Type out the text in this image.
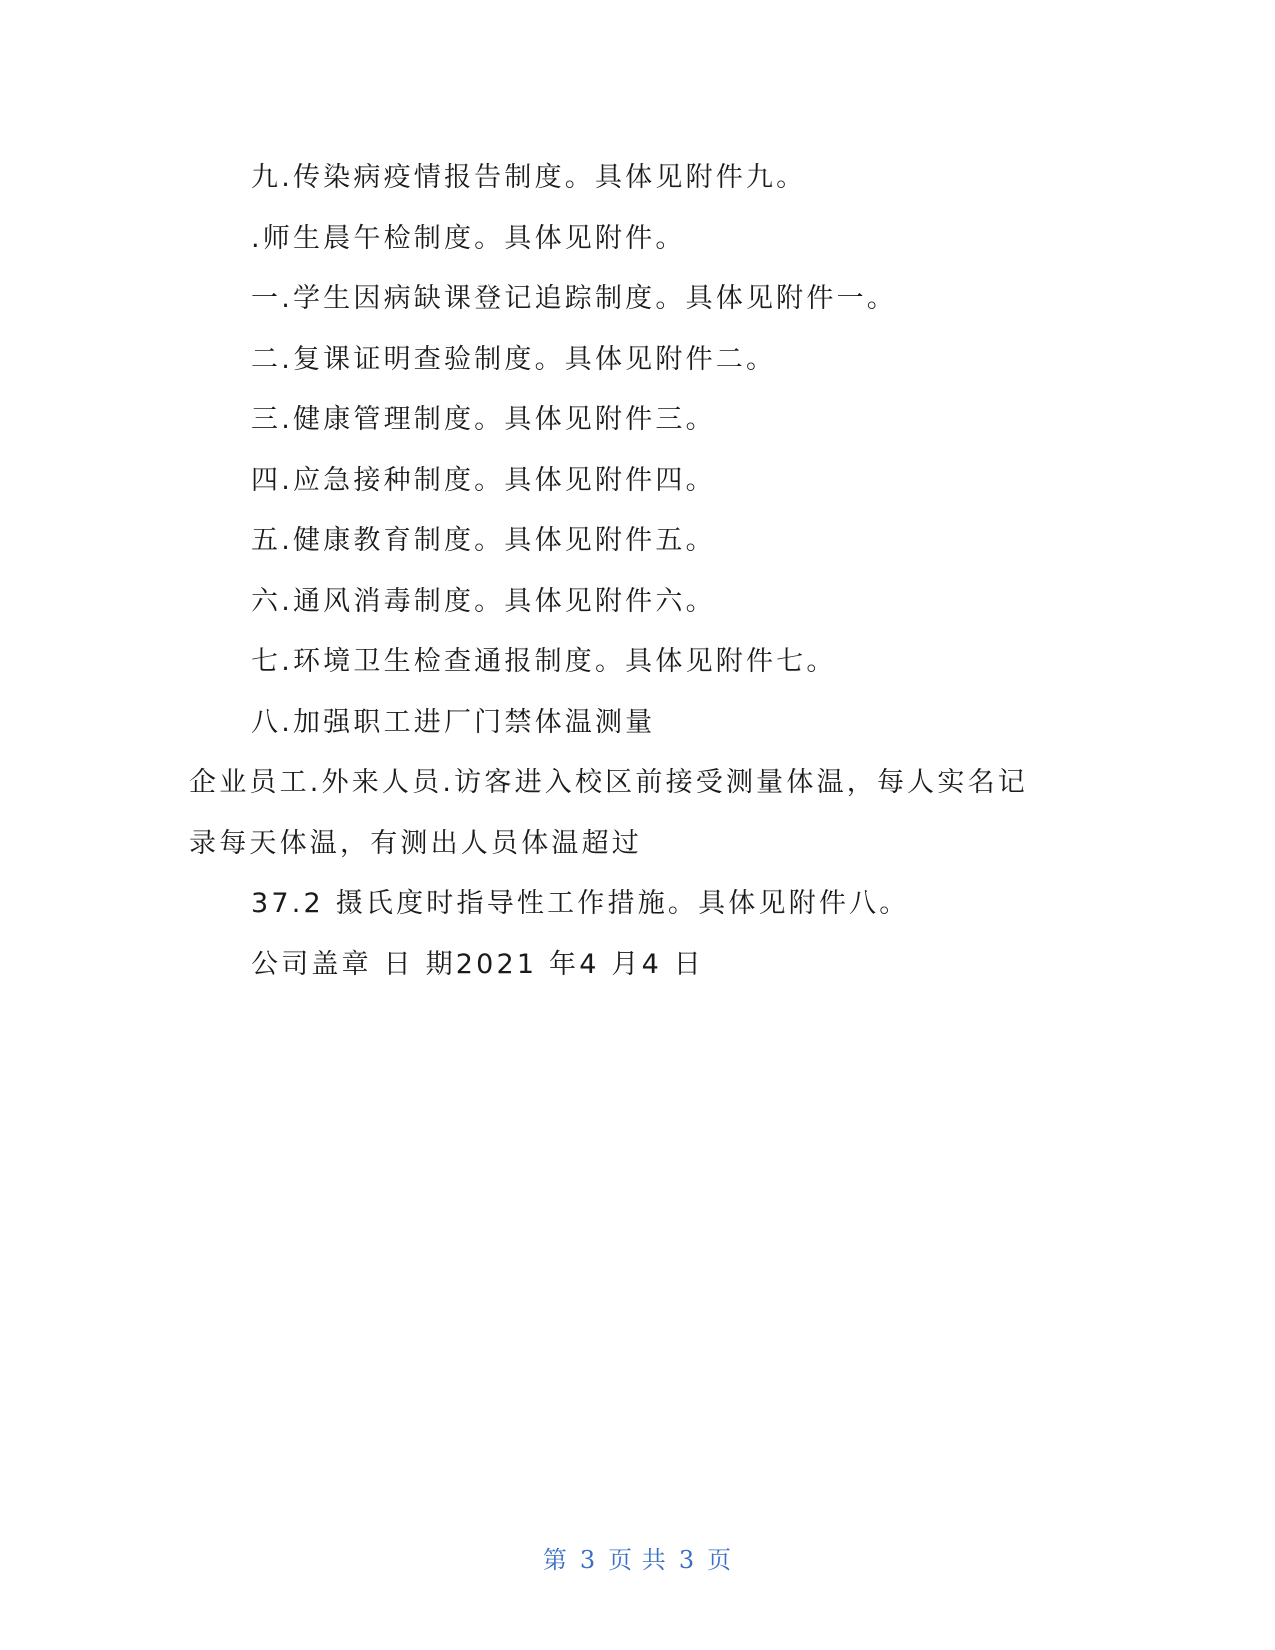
九.传染病疫情报告制度。具体见附件九。

.师生晨午检制度。具体见附件。

一.学生因病缺课登记追踪制度。具体见附件一。

二.复课证明查验制度。具体见附件二。

三.健康管理制度。具体见附件三。

四.应急接种制度。具体见附件四。

五.健康教育制度。具体见附件五。

六.通风消毒制度。具体见附件六。

七.环境卫生检查通报制度。具体见附件七。

八.加强职工进厂门禁体温测量

企业员工.外来人员.访客进入校区前接受测量体温，每人实名记

录每天体温，有测出人员体温超过

37.2 摄氏度时指导性工作措施。具体见附件八。

公司盖章 日 期2021 年4 月4 日

第 3 页 共 3 页
